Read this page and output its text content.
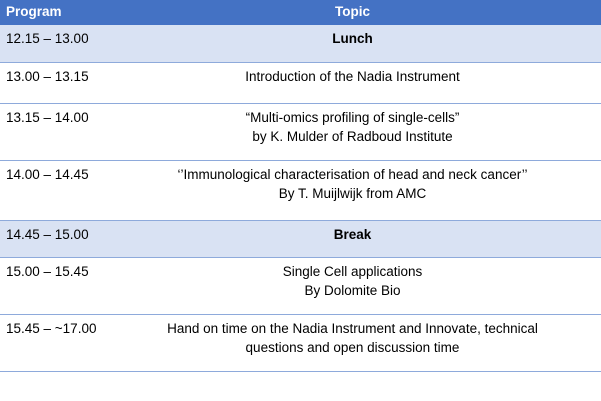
Program	Topic
12.15 – 13.00	Lunch

13.00 – 13.15	Introduction of the Nadia Instrument

13.15 – 14.00	“Multi-omics profiling of single-cells”
by K. Mulder of Radboud Institute

14.00 – 14.45	‘’Immunological characterisation of head and neck cancer’’
By T. Muijlwijk from AMC

14.45 – 15.00	Break

15.00 – 15.45	Single Cell applications
By Dolomite Bio

15.45 – ~17.00	Hand on time on the Nadia Instrument and Innovate, technical
questions and open discussion time
